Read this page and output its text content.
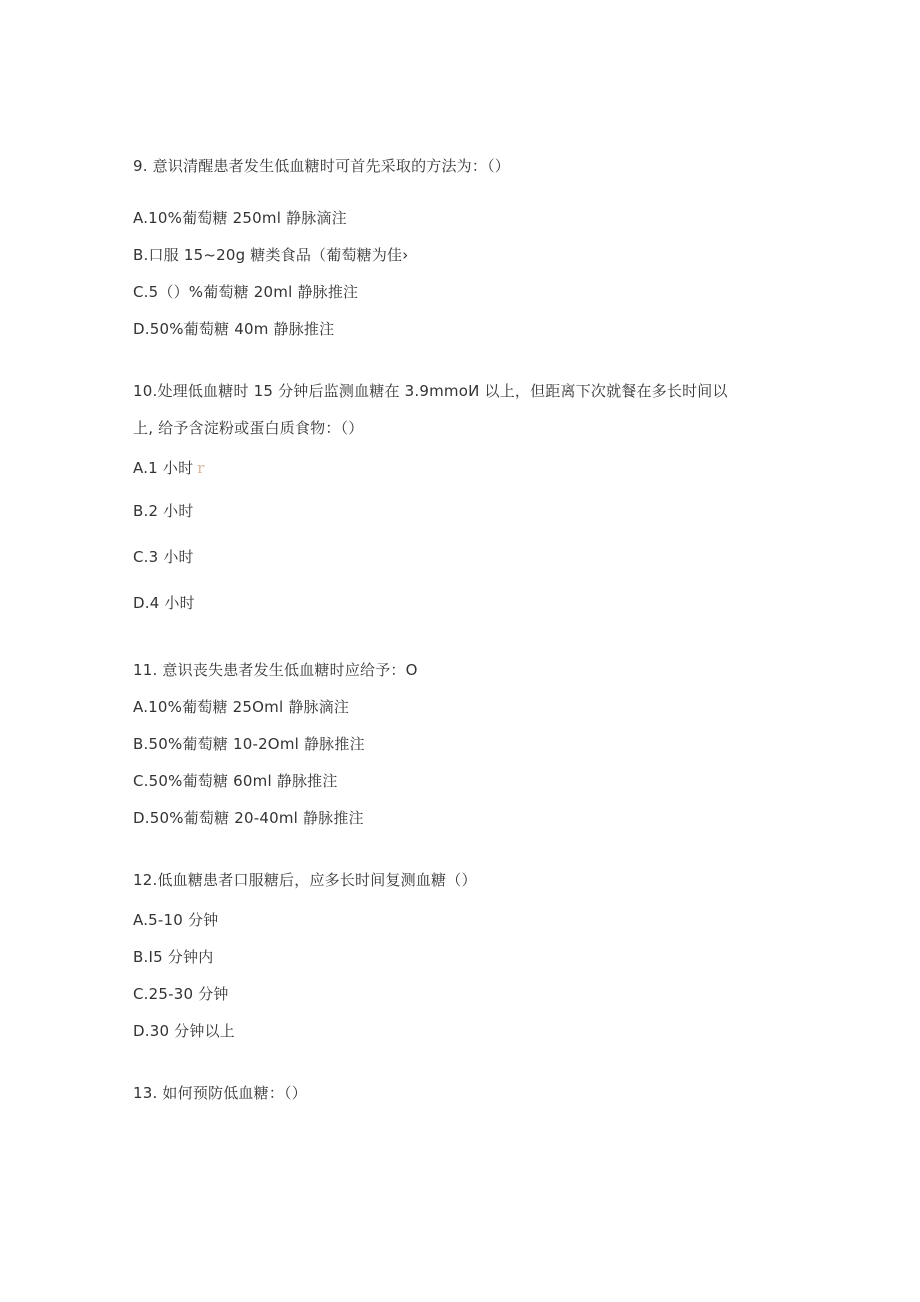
9. 意识清醒患者发生低血糖时可首先采取的方法为：（）
A.10%葡萄糖 250ml 静脉滴注
B.口服 15~20g 糖类食品（葡萄糖为佳›
C.5（）%葡萄糖 20ml 静脉推注
D.50%葡萄糖 40m 静脉推注
10.处理低血糖时 15 分钟后监测血糖在 3.9mmoИ 以上，但距离下次就餐在多长时间以
上, 给予含淀粉或蛋白质食物：（）
A.1 小时 r
B.2 小时
C.3 小时
D.4 小时
11. 意识丧失患者发生低血糖时应给予：O
A.10%葡萄糖 25Oml 静脉滴注
B.50%葡萄糖 10-2Oml 静脉推注
C.50%葡萄糖 60ml 静脉推注
D.50%葡萄糖 20-40ml 静脉推注
12.低血糖患者口服糖后，应多长时间复测血糖（）
A.5-10 分钟
B.I5 分钟内
C.25-30 分钟
D.30 分钟以上
13. 如何预防低血糖：（）
